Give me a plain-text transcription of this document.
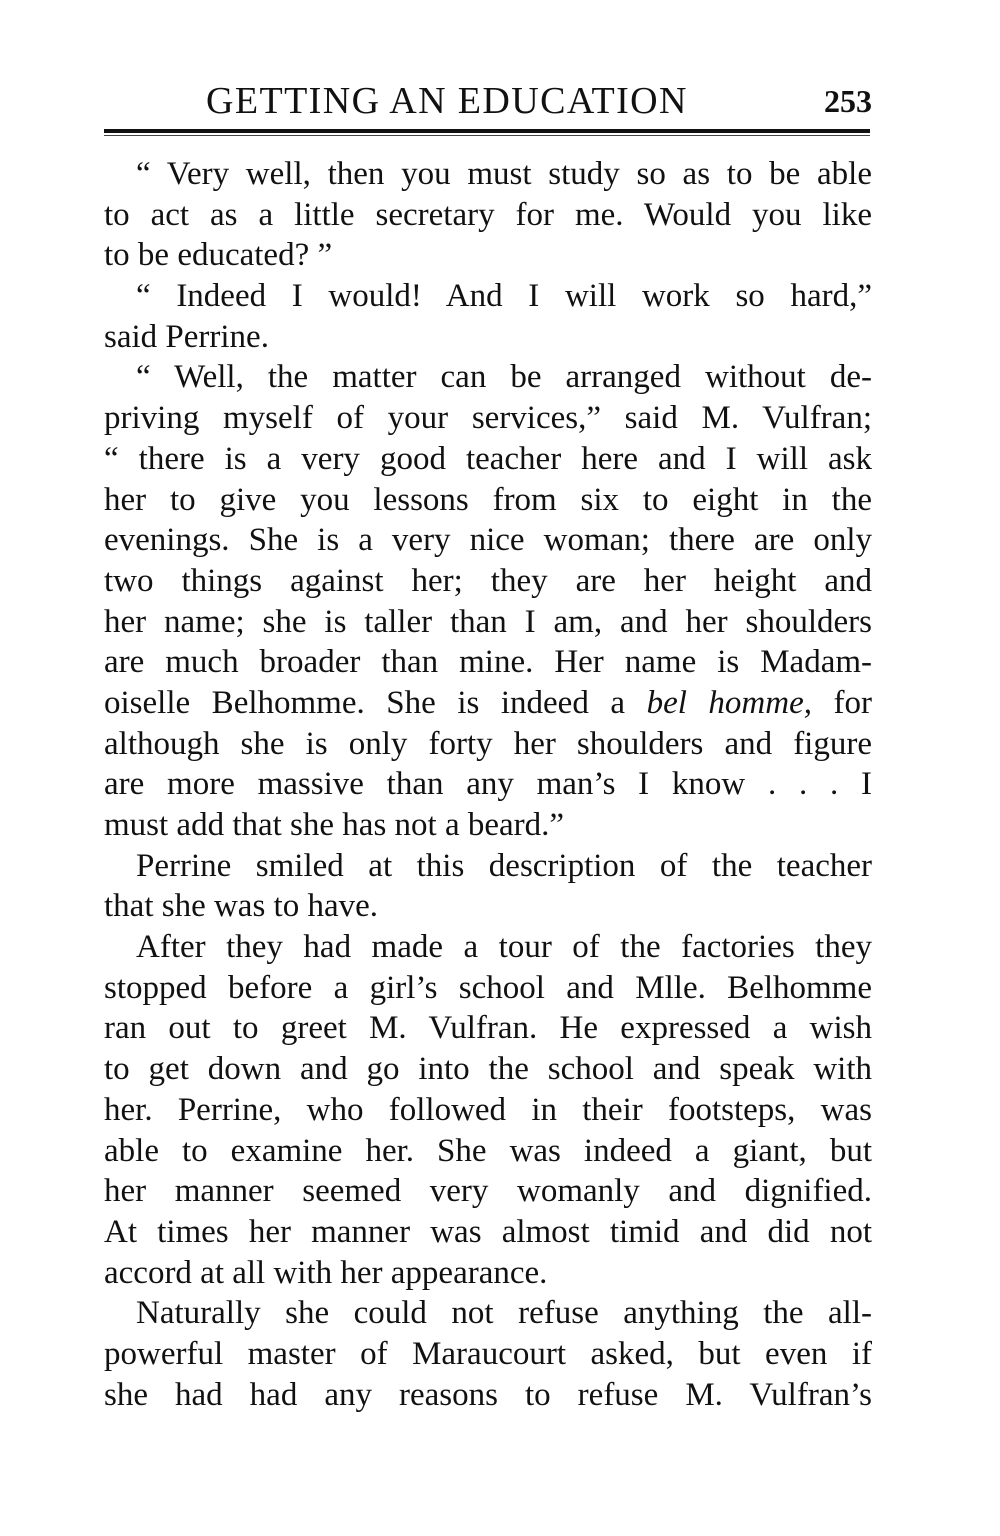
GETTING AN EDUCATION	253
“ Very well, then you must study so as to be able
to act as a little secretary for me. Would you like
to be educated? ”
“ Indeed I would! And I will work so hard,”
said Perrine.
“ Well, the matter can be arranged without de-
priving myself of your services,” said M. Vulfran;
“ there is a very good teacher here and I will ask
her to give you lessons from six to eight in the
evenings. She is a very nice woman; there are only
two things against her; they are her height and
her name; she is taller than I am, and her shoulders
are much broader than mine. Her name is Madam-
oiselle Belhomme. She is indeed a bel homme, for
although she is only forty her shoulders and figure
are more massive than any man’s I know . . . I
must add that she has not a beard.”
Perrine smiled at this description of the teacher
that she was to have.
After they had made a tour of the factories they
stopped before a girl’s school and Mlle. Belhomme
ran out to greet M. Vulfran. He expressed a wish
to get down and go into the school and speak with
her. Perrine, who followed in their footsteps, was
able to examine her. She was indeed a giant, but
her manner seemed very womanly and dignified.
At times her manner was almost timid and did not
accord at all with her appearance.
Naturally she could not refuse anything the all-
powerful master of Maraucourt asked, but even if
she had had any reasons to refuse M. Vulfran’s
